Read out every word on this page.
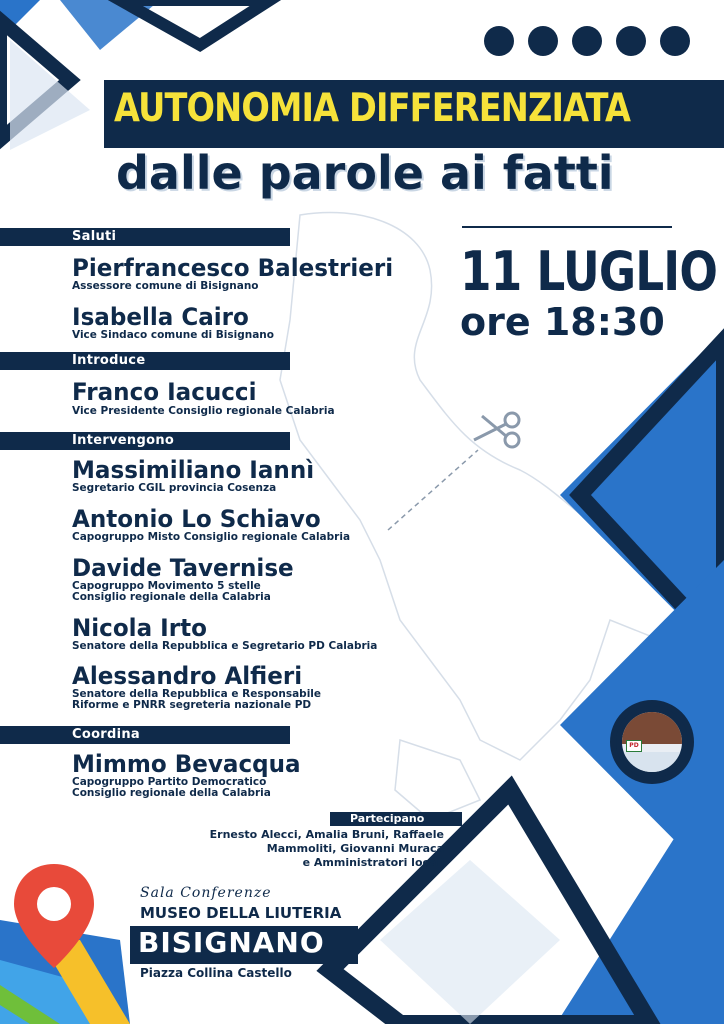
AUTONOMIA DIFFERENZIATA
dalle parole ai fatti
11 LUGLIO
ore 18:30
Saluti
Pierfrancesco Balestrieri
Assessore comune di Bisignano
Isabella Cairo
Vice Sindaco comune di Bisignano
Introduce
Franco Iacucci
Vice Presidente Consiglio regionale Calabria
Intervengono
Massimiliano Iannì
Segretario CGIL provincia Cosenza
Antonio Lo Schiavo
Capogruppo Misto Consiglio regionale Calabria
Davide Tavernise
Capogruppo Movimento 5 stelle
Consiglio regionale della Calabria
Nicola Irto
Senatore della Repubblica e Segretario PD Calabria
Alessandro Alfieri
Senatore della Repubblica e Responsabile
Riforme e PNRR segreteria nazionale PD
Coordina
Mimmo Bevacqua
Capogruppo Partito Democratico
Consiglio regionale della Calabria
Partecipano
Ernesto Alecci, Amalia Bruni, Raffaele
Mammoliti, Giovanni Muraca
e Amministratori locali
Sala Conferenze
MUSEO DELLA LIUTERIA
BISIGNANO
Piazza Collina Castello
PD
